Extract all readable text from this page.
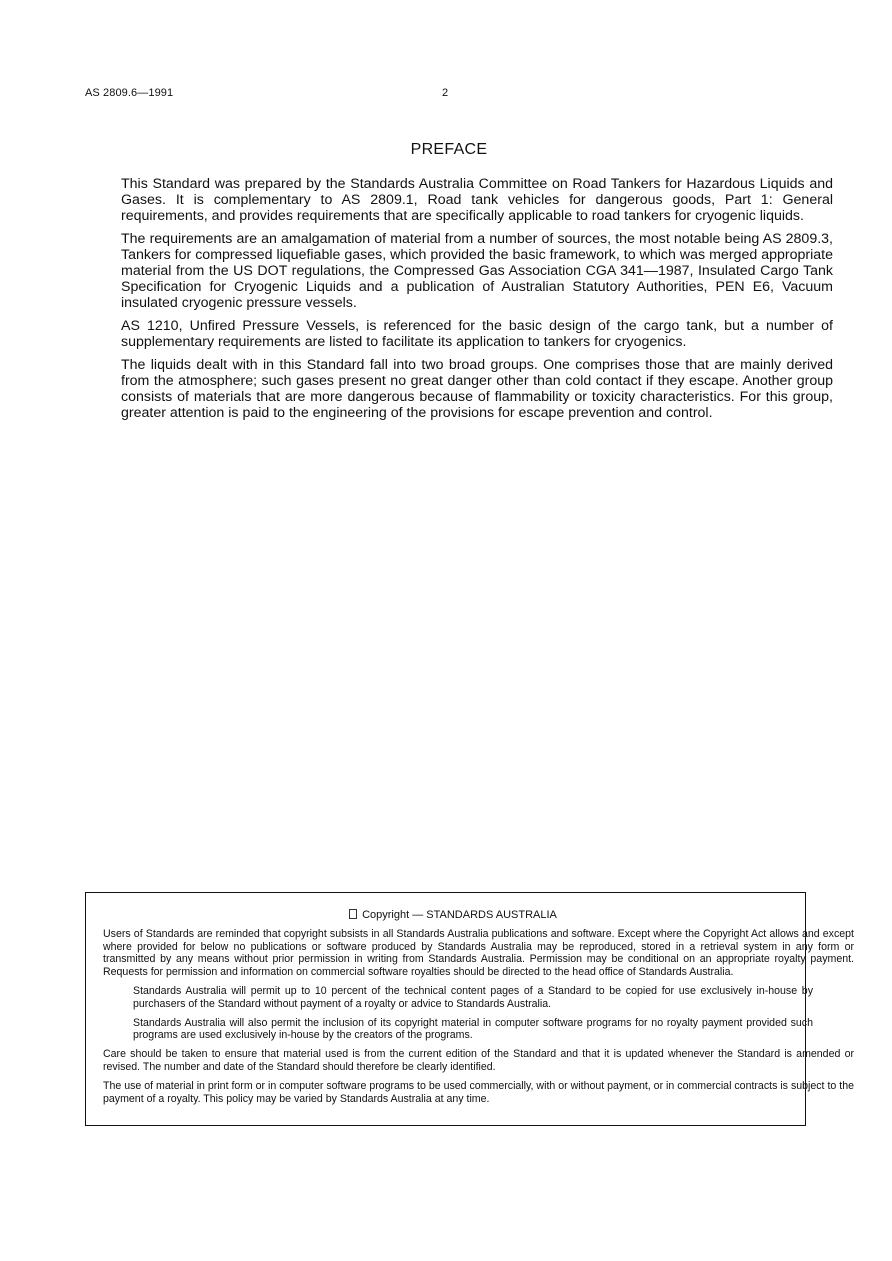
AS 2809.6—1991	2
PREFACE

This Standard was prepared by the Standards Australia Committee on Road Tankers for Hazardous Liquids and Gases. It is complementary to AS 2809.1, Road tank vehicles for dangerous goods, Part 1: General requirements, and provides requirements that are specifically applicable to road tankers for cryogenic liquids.

The requirements are an amalgamation of material from a number of sources, the most notable being AS 2809.3, Tankers for compressed liquefiable gases, which provided the basic framework, to which was merged appropriate material from the US DOT regulations, the Compressed Gas Association CGA 341—1987, Insulated Cargo Tank Specification for Cryogenic Liquids and a publication of Australian Statutory Authorities, PEN E6, Vacuum insulated cryogenic pressure vessels.

AS 1210, Unfired Pressure Vessels, is referenced for the basic design of the cargo tank, but a number of supplementary requirements are listed to facilitate its application to tankers for cryogenics.

The liquids dealt with in this Standard fall into two broad groups. One comprises those that are mainly derived from the atmosphere; such gases present no great danger other than cold contact if they escape. Another group consists of materials that are more dangerous because of flammability or toxicity characteristics. For this group, greater attention is paid to the engineering of the provisions for escape prevention and control.

Copyright — STANDARDS AUSTRALIA

Users of Standards are reminded that copyright subsists in all Standards Australia publications and software. Except where the Copyright Act allows and except where provided for below no publications or software produced by Standards Australia may be reproduced, stored in a retrieval system in any form or transmitted by any means without prior permission in writing from Standards Australia. Permission may be conditional on an appropriate royalty payment. Requests for permission and information on commercial software royalties should be directed to the head office of Standards Australia.

Standards Australia will permit up to 10 percent of the technical content pages of a Standard to be copied for use exclusively in-house by purchasers of the Standard without payment of a royalty or advice to Standards Australia.

Standards Australia will also permit the inclusion of its copyright material in computer software programs for no royalty payment provided such programs are used exclusively in-house by the creators of the programs.

Care should be taken to ensure that material used is from the current edition of the Standard and that it is updated whenever the Standard is amended or revised. The number and date of the Standard should therefore be clearly identified.

The use of material in print form or in computer software programs to be used commercially, with or without payment, or in commercial contracts is subject to the payment of a royalty. This policy may be varied by Standards Australia at any time.
